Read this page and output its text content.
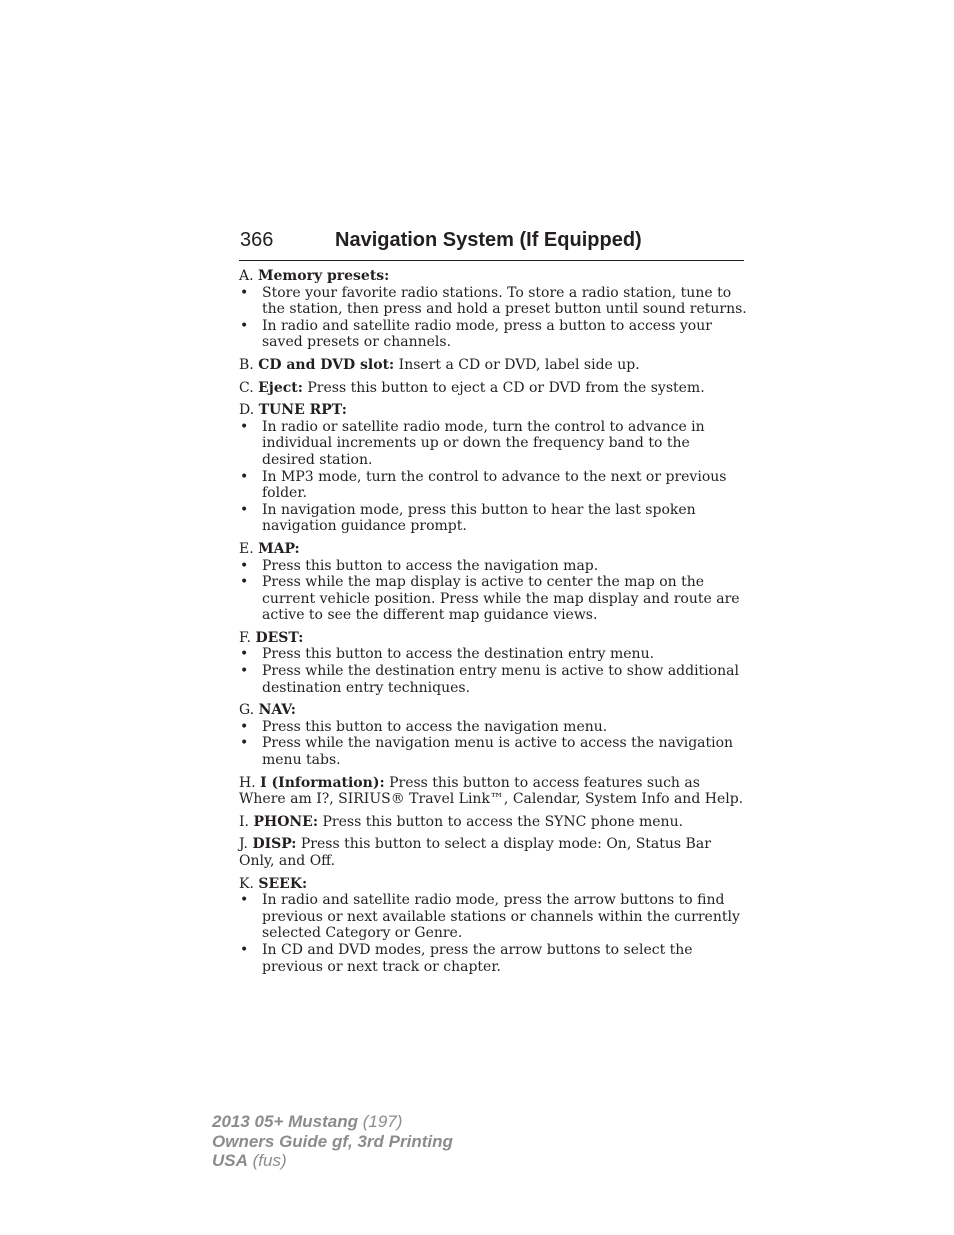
366	Navigation System (If Equipped)

A. Memory presets:

• Store your favorite radio stations. To store a radio station, tune to the station, then press and hold a preset button until sound returns.
• In radio and satellite radio mode, press a button to access your saved presets or channels.

B. CD and DVD slot: Insert a CD or DVD, label side up.

C. Eject: Press this button to eject a CD or DVD from the system.

D. TUNE RPT:

• In radio or satellite radio mode, turn the control to advance in individual increments up or down the frequency band to the desired station.
• In MP3 mode, turn the control to advance to the next or previous folder.
• In navigation mode, press this button to hear the last spoken navigation guidance prompt.

E. MAP:

• Press this button to access the navigation map.
• Press while the map display is active to center the map on the current vehicle position. Press while the map display and route are active to see the different map guidance views.

F. DEST:

• Press this button to access the destination entry menu.
• Press while the destination entry menu is active to show additional destination entry techniques.

G. NAV:

• Press this button to access the navigation menu.
• Press while the navigation menu is active to access the navigation menu tabs.

H. I (Information): Press this button to access features such as Where am I?, SIRIUS® Travel Link™, Calendar, System Info and Help.

I. PHONE: Press this button to access the SYNC phone menu.

J. DISP: Press this button to select a display mode: On, Status Bar Only, and Off.

K. SEEK:

• In radio and satellite radio mode, press the arrow buttons to find previous or next available stations or channels within the currently selected Category or Genre.
• In CD and DVD modes, press the arrow buttons to select the previous or next track or chapter.
2013 05+ Mustang (197)
Owners Guide gf, 3rd Printing
USA (fus)
